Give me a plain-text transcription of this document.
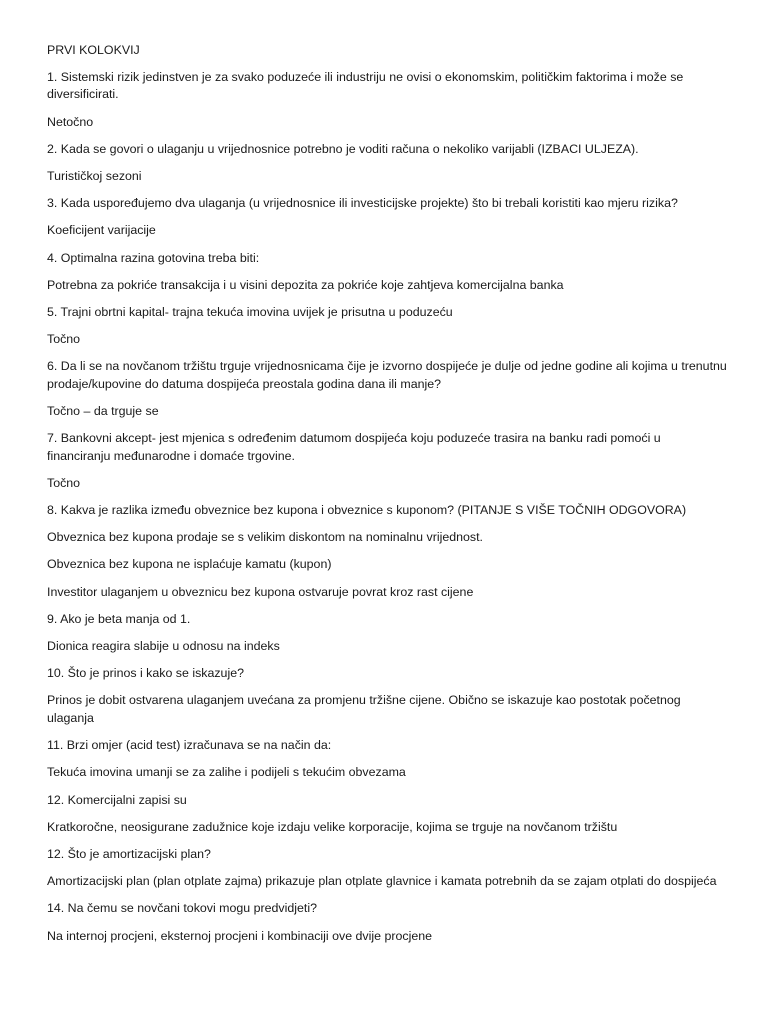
PRVI KOLOKVIJ

1. Sistemski rizik jedinstven je za svako poduzeće ili industriju ne ovisi o ekonomskim, političkim faktorima i može se diversificirati.

Netočno

2. Kada se govori o ulaganju u vrijednosnice potrebno je voditi računa o nekoliko varijabli (IZBACI ULJEZA).

Turističkoj sezoni

3. Kada uspoređujemo dva ulaganja (u vrijednosnice ili investicijske projekte) što bi trebali koristiti kao mjeru rizika?

Koeficijent varijacije

4. Optimalna razina gotovina treba biti:

Potrebna za pokriće transakcija i u visini depozita za pokriće koje zahtjeva komercijalna banka

5. Trajni obrtni kapital- trajna tekuća imovina uvijek je prisutna u poduzeću

Točno

6. Da li se na novčanom tržištu trguje vrijednosnicama čije je izvorno dospijeće je dulje od jedne godine ali kojima u trenutnu prodaje/kupovine do datuma dospijeća preostala godina dana ili manje?

Točno – da trguje se

7. Bankovni akcept- jest mjenica s određenim datumom dospijeća koju poduzeće trasira na banku radi pomoći u financiranju međunarodne i domaće trgovine.

Točno

8. Kakva je razlika između obveznice bez kupona i obveznice s kuponom? (PITANJE S VIŠE TOČNIH ODGOVORA)

Obveznica bez kupona prodaje se s velikim diskontom na nominalnu vrijednost.

Obveznica bez kupona ne isplaćuje kamatu (kupon)

Investitor ulaganjem u obveznicu bez kupona ostvaruje povrat kroz rast cijene

9. Ako je beta manja od 1.

Dionica reagira slabije u odnosu na indeks

10. Što je prinos i kako se iskazuje?

Prinos je dobit ostvarena ulaganjem uvećana za promjenu tržišne cijene. Obično se iskazuje kao postotak početnog ulaganja

11. Brzi omjer (acid test) izračunava se na način da:

Tekuća imovina umanji se za zalihe i podijeli s tekućim obvezama

12. Komercijalni zapisi su

Kratkoročne, neosigurane zadužnice koje izdaju velike korporacije, kojima se trguje na novčanom tržištu

12. Što je amortizacijski plan?

Amortizacijski plan (plan otplate zajma) prikazuje plan otplate glavnice i kamata potrebnih da se zajam otplati do dospijeća

14. Na čemu se novčani tokovi mogu predvidjeti?

Na internoj procjeni, eksternoj procjeni i kombinaciji ove dvije procjene
